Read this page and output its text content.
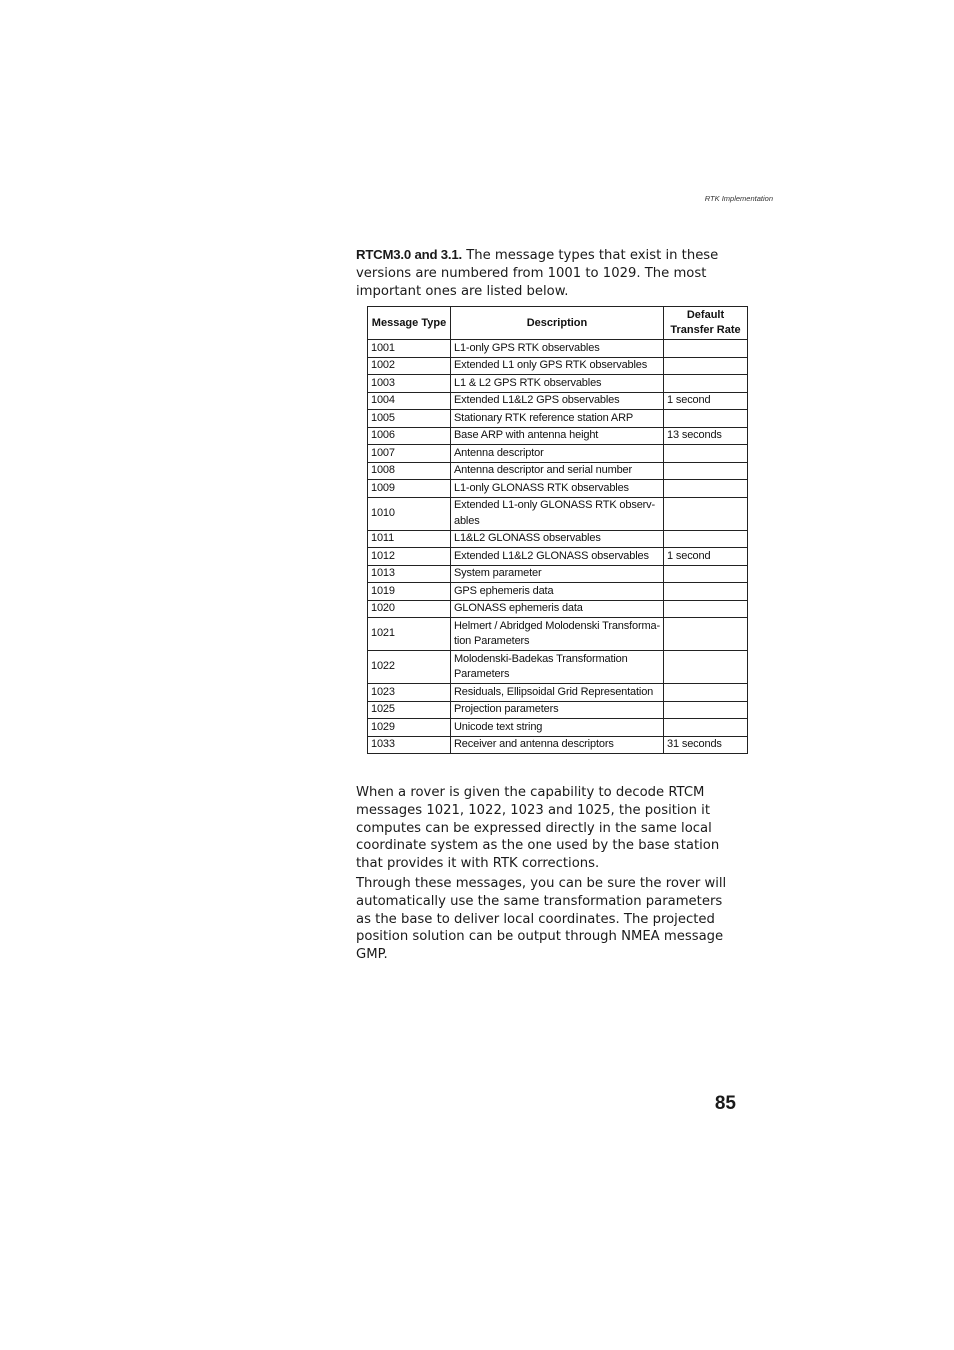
RTK Implementation

RTCM3.0 and 3.1. The message types that exist in these versions are numbered from 1001 to 1029. The most important ones are listed below.

Message Type	Description	Default Transfer Rate
1001	L1-only GPS RTK observables	
1002	Extended L1 only GPS RTK observables	
1003	L1 & L2 GPS RTK observables	
1004	Extended L1&L2 GPS observables	1 second
1005	Stationary RTK reference station ARP	
1006	Base ARP with antenna height	13 seconds
1007	Antenna descriptor	
1008	Antenna descriptor and serial number	
1009	L1-only GLONASS RTK observables	
1010	Extended L1-only GLONASS RTK observ-ables	
1011	L1&L2 GLONASS observables	
1012	Extended L1&L2 GLONASS observables	1 second
1013	System parameter	
1019	GPS ephemeris data	
1020	GLONASS ephemeris data	
1021	Helmert / Abridged Molodenski Transforma-tion Parameters	
1022	Molodenski-Badekas Transformation Parameters	
1023	Residuals, Ellipsoidal Grid Representation	
1025	Projection parameters	
1029	Unicode text string	
1033	Receiver and antenna descriptors	31 seconds

When a rover is given the capability to decode RTCM messages 1021, 1022, 1023 and 1025, the position it computes can be expressed directly in the same local coordinate system as the one used by the base station that provides it with RTK corrections.

Through these messages, you can be sure the rover will automatically use the same transformation parameters as the base to deliver local coordinates. The projected position solution can be output through NMEA message GMP.

85
